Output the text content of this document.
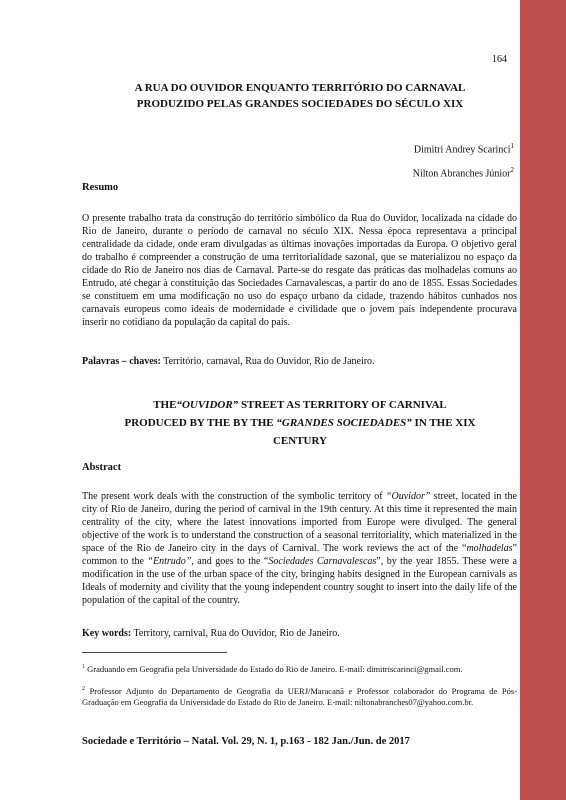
164
A RUA DO OUVIDOR ENQUANTO TERRITÓRIO DO CARNAVAL
PRODUZIDO PELAS GRANDES SOCIEDADES DO SÉCULO XIX
Dimitri Andrey Scarinci$^1$
Nilton Abranches Júnior$^2$
Resumo

O presente trabalho trata da construção do território simbólico da Rua do Ouvidor, localizada na cidade do Rio de Janeiro, durante o período de carnaval no século XIX. Nessa época representava a principal centralidade da cidade, onde eram divulgadas as últimas inovações importadas da Europa. O objetivo geral do trabalho é compreender a construção de uma territorialidade sazonal, que se materializou no espaço da cidade do Rio de Janeiro nos dias de Carnaval. Parte-se do resgate das práticas das molhadelas comuns ao Entrudo, até chegar à constituição das Sociedades Carnavalescas, a partir do ano de 1855. Essas Sociedades se constituem em uma modificação no uso do espaço urbano da cidade, trazendo hábitos cunhados nos carnavais europeus como ideais de modernidade e civilidade que o jovem país independente procurava inserir no cotidiano da população da capital do país.

Palavras – chaves: Território, carnaval, Rua do Ouvidor, Rio de Janeiro.
THE“OUVIDOR” STREET AS TERRITORY OF CARNIVAL
PRODUCED BY THE BY THE “GRANDES SOCIEDADES” IN THE XIX
CENTURY
Abstract

The present work deals with the construction of the symbolic territory of “Ouvidor” street, located in the city of Rio de Janeiro, during the period of carnival in the 19th century. At this time it represented the main centrality of the city, where the latest innovations imported from Europe were divulged. The general objective of the work is to understand the construction of a seasonal territoriality, which materialized in the space of the Rio de Janeiro city in the days of Carnival. The work reviews the act of the “molhadelas” common to the “Entrudo”, and goes to the “Sociedades Carnavalescas”, by the year 1855. These were a modification in the use of the urban space of the city, bringing habits designed in the European carnivals as Ideals of modernity and civility that the young independent country sought to insert into the daily life of the population of the capital of the country.

Key words: Territory, carnival, Rua do Ouvidor, Rio de Janeiro.
$^1$ Graduando em Geografia pela Universidade do Estado do Rio de Janeiro. E-mail: dimitriscarinci@gmail.com.
$^2$ Professor Adjunto do Departamento de Geografia da UERJ/Maracanã e Professor colaborador do Programa de Pós-Graduação em Geografia da Universidade do Estado do Rio de Janeiro. E-mail: niltonabranches07@yahoo.com.br.
Sociedade e Território – Natal. Vol. 29, N. 1, p.163 - 182 Jan./Jun. de 2017
